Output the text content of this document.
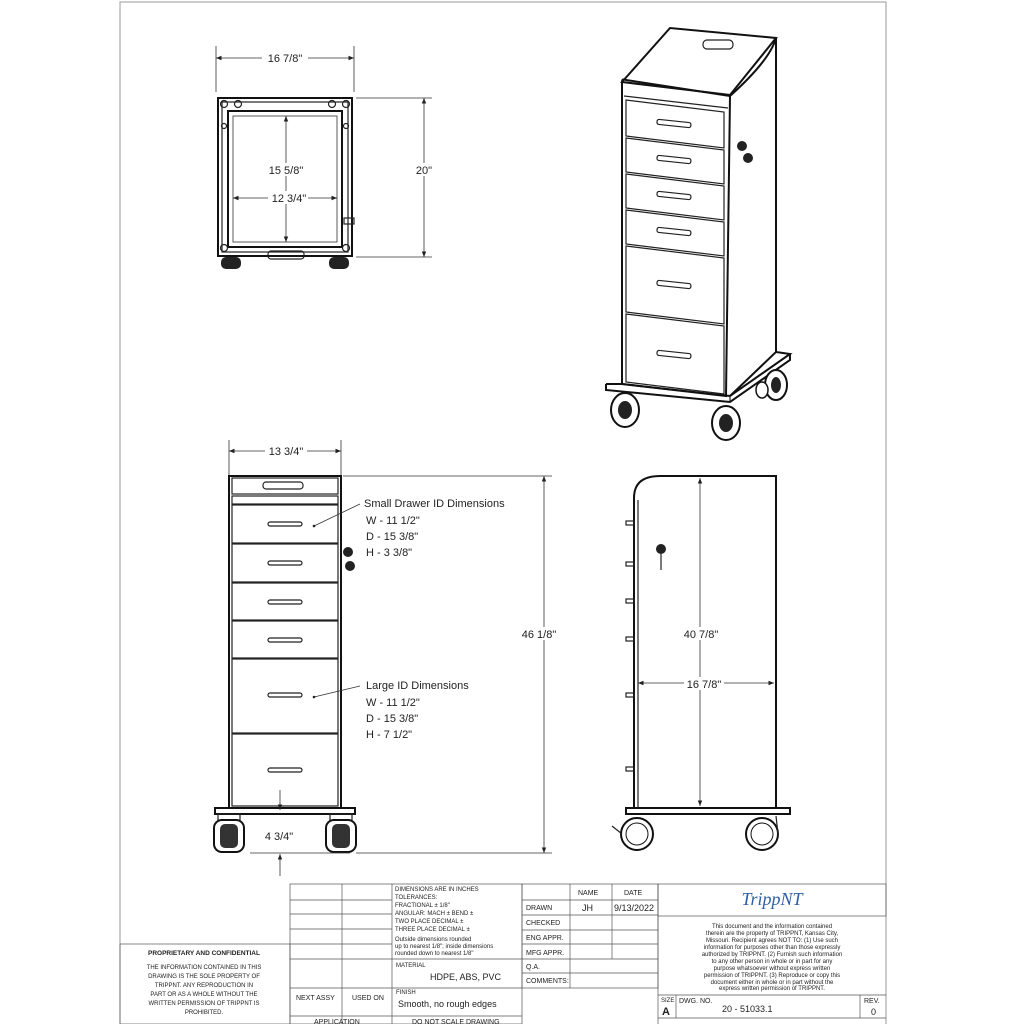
16 7/8"
15 5/8"
12 3/4"
20"
13 3/4"
4 3/4"
Small Drawer ID Dimensions
W - 11 1/2"
D - 15 3/8"
H - 3 3/8"
Large ID Dimensions
W - 11 1/2"
D - 15 3/8"
H - 7 1/2"
46 1/8"	40 7/8"
16 7/8"
DIMENSIONS ARE IN INCHES
TOLERANCES:
FRACTIONAL ± 1/8"
ANGULAR: MACH ± BEND ±
TWO PLACE DECIMAL ±
THREE PLACE DECIMAL ±
Outside dimensions rounded
up to nearest 1/8"; inside dimensions
rounded down to nearest 1/8"
MATERIAL
HDPE, ABS, PVC
FINISH
Smooth, no rough edges
NEXT ASSY USED ON
APPLICATION	DO NOT SCALE DRAWING
NAME	DATE
DRAWN	JH 9/13/2022
CHECKED
ENG APPR.
MFG APPR.
Q.A.
COMMENTS:
TrippNT
This document and the information contained
therein are the property of TRIPPNT, Kansas City,
Missouri. Recipient agrees NOT TO: (1) Use such
information for purposes other than those expressly
authorized by TRIPPNT. (2) Furnish such information
to any other person in whole or in part for any
purpose whatsoever without express written
permission of TRIPPNT. (3) Reproduce or copy this
document either in whole or in part without the
express written permission of TRIPPNT.
SIZE
A
DWG. NO.
20 - 51033.1
REV.
0
PROPRIETARY AND CONFIDENTIAL
THE INFORMATION CONTAINED IN THIS
DRAWING IS THE SOLE PROPERTY OF
TRIPPNT. ANY REPRODUCTION IN
PART OR AS A WHOLE WITHOUT THE
WRITTEN PERMISSION OF TRIPPNT IS
PROHIBITED.
